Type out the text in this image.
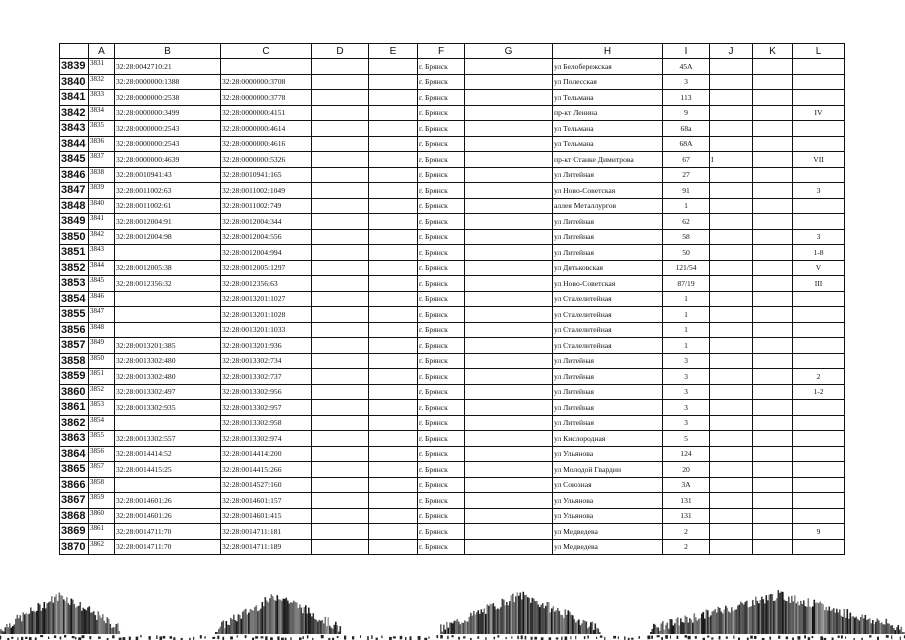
	A	B	C	D	E	F	G	H	I	J	K	L
3839	3831	32:28:0042710:21				г. Брянск		ул Белобережская	45А			
3840	3832	32:28:0000000:1388	32:28:0000000:3708			г. Брянск		ул Полесская	3			
3841	3833	32:28:0000000:2538	32:28:0000000:3778			г. Брянск		ул Тельмана	113			
3842	3834	32:28:0000000:3499	32:28:0000000:4151			г. Брянск		пр-кт Ленина	9			IV
3843	3835	32:28:0000000:2543	32:28:0000000:4614			г. Брянск		ул Тельмана	68а			
3844	3836	32:28:0000000:2543	32:28:0000000:4616			г. Брянск		ул Тельмана	68А			
3845	3837	32:28:0000000:4639	32:28:0000000:5326			г. Брянск		пр-кт Станке Димитрова	67	I		VII
3846	3838	32:28:0010941:43	32:28:0010941:165			г. Брянск		ул Литейная	27			
3847	3839	32:28:0011002:63	32:28:0011002:1049			г. Брянск		ул Ново-Советская	91			3
3848	3840	32:28:0011002:61	32:28:0011002:749			г. Брянск		аллея Металлургов	1			
3849	3841	32:28:0012004:91	32:28:0012004:344			г. Брянск		ул Литейная	62			
3850	3842	32:28:0012004:98	32:28:0012004:556			г. Брянск		ул Литейная	58			3
3851	3843		32:28:0012004:994			г. Брянск		ул Литейная	50			1-8
3852	3844	32:28:0012005:38	32:28:0012005:1297			г. Брянск		ул Дятьковская	121/54			V
3853	3845	32:28:0012356:32	32:28:0012356:63			г. Брянск		ул Ново-Советская	87/19			III
3854	3846		32:28:0013201:1027			г. Брянск		ул Сталелитейная	1			
3855	3847		32:28:0013201:1028			г. Брянск		ул Сталелитейная	1			
3856	3848		32:28:0013201:1033			г. Брянск		ул Сталелитейная	1			
3857	3849	32:28:0013201:385	32:28:0013201:936			г. Брянск		ул Сталелитейная	1			
3858	3850	32:28:0013302:480	32:28:0013302:734			г. Брянск		ул Литейная	3			
3859	3851	32:28:0013302:480	32:28:0013302:737			г. Брянск		ул Литейная	3			2
3860	3852	32:28:0013302:497	32:28:0013302:956			г. Брянск		ул Литейная	3			1-2
3861	3853	32:28:0013302:935	32:28:0013302:957			г. Брянск		ул Литейная	3			
3862	3854		32:28:0013302:958			г. Брянск		ул Литейная	3			
3863	3855	32:28:0013302:557	32:28:0013302:974			г. Брянск		ул Кислородная	5			
3864	3856	32:28:0014414:52	32:28:0014414:200			г. Брянск		ул Ульянова	124			
3865	3857	32:28:0014415:25	32:28:0014415:266			г. Брянск		ул Молодой Гвардии	20			
3866	3858		32:28:0014527:160			г. Брянск		ул Союзная	3А			
3867	3859	32:28:0014601:26	32:28:0014601:157			г. Брянск		ул Ульянова	131			
3868	3860	32:28:0014601:26	32:28:0014601:415			г. Брянск		ул Ульянова	131			
3869	3861	32:28:0014711:70	32:28:0014711:181			г. Брянск		ул Медведева	2			9
3870	3862	32:28:0014711:70	32:28:0014711:189			г. Брянск		ул Медведева	2			
